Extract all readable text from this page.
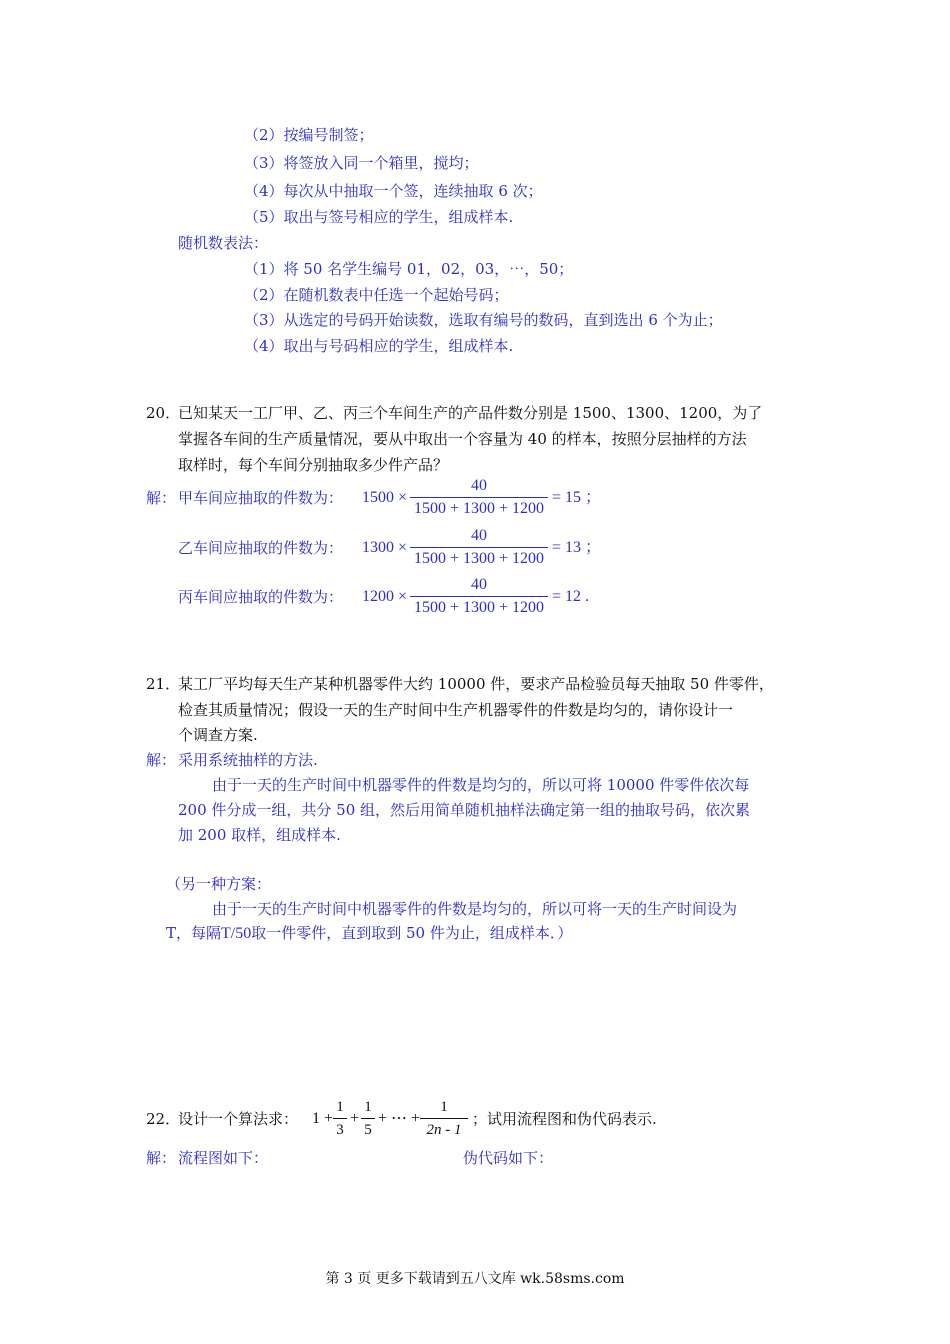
（2）按编号制签；
（3）将签放入同一个箱里，搅均；
（4）每次从中抽取一个签，连续抽取 6 次；
（5）取出与签号相应的学生，组成样本.
随机数表法：
（1）将 50 名学生编号 01，02，03，⋯，50；
（2）在随机数表中任选一个起始号码；
（3）从选定的号码开始读数，选取有编号的数码，直到选出 6 个为止；
（4）取出与号码相应的学生，组成样本.
20．
已知某天一工厂甲、乙、丙三个车间生产的产品件数分别是 1500、1300、1200，为了
掌握各车间的生产质量情况，要从中取出一个容量为 40 的样本，按照分层抽样的方法
取样时，每个车间分别抽取多少件产品？
解： 甲车间应抽取的件数为： 1500 ×
40
1500 + 1300 + 1200
= 15 ；
乙车间应抽取的件数为： 1300 ×
40
1500 + 1300 + 1200
= 13 ；
丙车间应抽取的件数为： 1200 ×
40
1500 + 1300 + 1200
= 12 .
21．
某工厂平均每天生产某种机器零件大约 10000 件，要求产品检验员每天抽取 50 件零件，
检查其质量情况；假设一天的生产时间中生产机器零件的件数是均匀的，请你设计一
个调查方案.
解： 采用系统抽样的方法.
由于一天的生产时间中机器零件的件数是均匀的，所以可将 10000 件零件依次每
200 件分成一组，共分 50 组，然后用简单随机抽样法确定第一组的抽取号码，依次累
加 200 取样，组成样本.
（另一种方案：
由于一天的生产时间中机器零件的件数是均匀的，所以可将一天的生产时间设为
T，每隔T/50取一件零件，直到取到 50 件为止，组成样本．）
22．
设计一个算法求： 1 +
1
3
+
1
5
+ ⋯ +
1
2n - 1
；试用流程图和伪代码表示.
解： 流程图如下：	伪代码如下：
第 3 页 更多下载请到五八文库 wk.58sms.com
